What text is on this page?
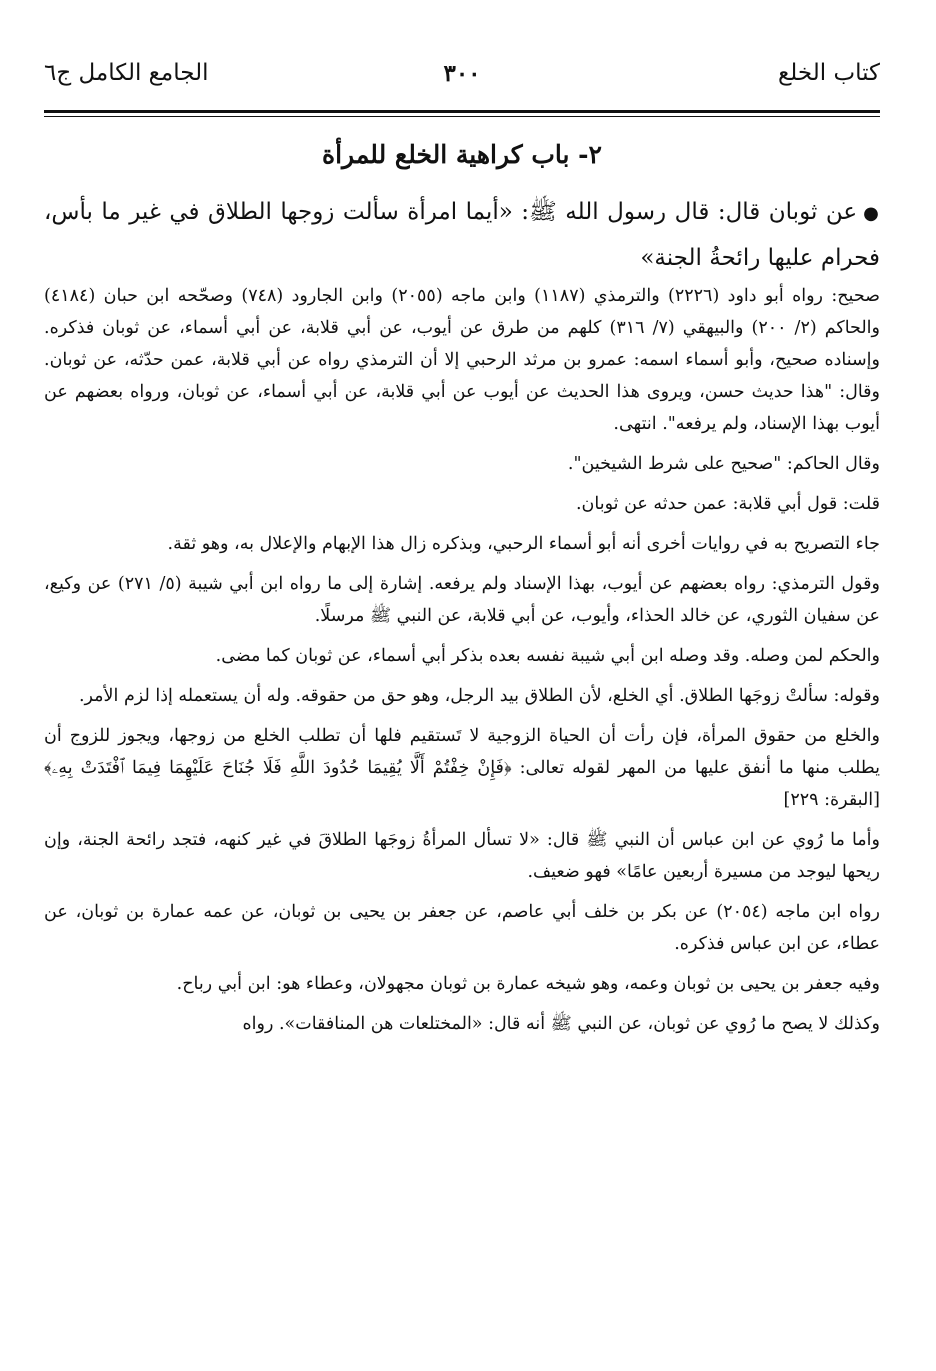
كتاب الخلع
٣٠٠
الجامع الكامل ج٦
٢- باب كراهية الخلع للمرأة
●عن ثوبان قال: قال رسول الله ﷺ: «أيما امرأة سألت زوجها الطلاق في غير ما بأس، فحرام عليها رائحةُ الجنة»

صحيح: رواه أبو داود (٢٢٢٦) والترمذي (١١٨٧) وابن ماجه (٢٠٥٥) وابن الجارود (٧٤٨) وصحّحه ابن حبان (٤١٨٤) والحاكم (٢/ ٢٠٠) والبيهقي (٧/ ٣١٦) كلهم من طرق عن أيوب، عن أبي قلابة، عن أبي أسماء، عن ثوبان فذكره. وإسناده صحيح، وأبو أسماء اسمه: عمرو بن مرثد الرحبي إلا أن الترمذي رواه عن أبي قلابة، عمن حدّثه، عن ثوبان. وقال: "هذا حديث حسن، ويروى هذا الحديث عن أيوب عن أبي قلابة، عن أبي أسماء، عن ثوبان، ورواه بعضهم عن أيوب بهذا الإسناد، ولم يرفعه". انتهى.

وقال الحاكم: "صحيح على شرط الشيخين".

قلت: قول أبي قلابة: عمن حدثه عن ثوبان.

جاء التصريح به في روايات أخرى أنه أبو أسماء الرحبي، وبذكره زال هذا الإبهام والإعلال به، وهو ثقة.

وقول الترمذي: رواه بعضهم عن أيوب، بهذا الإسناد ولم يرفعه. إشارة إلى ما رواه ابن أبي شيبة (٥/ ٢٧١) عن وكيع، عن سفيان الثوري، عن خالد الحذاء، وأيوب، عن أبي قلابة، عن النبي ﷺ مرسلًا.

والحكم لمن وصله. وقد وصله ابن أبي شيبة نفسه بعده بذكر أبي أسماء، عن ثوبان كما مضى.

وقوله: سألتْ زوجَها الطلاق. أي الخلع، لأن الطلاق بيد الرجل، وهو حق من حقوقه. وله أن يستعمله إذا لزم الأمر.

والخلع من حقوق المرأة، فإن رأت أن الحياة الزوجية لا تَستقيم فلها أن تطلب الخلع من زوجها، ويجوز للزوج أن يطلب منها ما أنفق عليها من المهر لقوله تعالى: ﴿فَإِنْ خِفْتُمْ أَلَّا يُقِيمَا حُدُودَ اللَّهِ فَلَا جُنَاحَ عَلَيْهِمَا فِيمَا ٱفْتَدَتْ بِهِۦ﴾ [البقرة: ٢٢٩]

وأما ما رُوي عن ابن عباس أن النبي ﷺ قال: «لا تسأل المرأةُ زوجَها الطلاقَ في غير كنهه، فتجد رائحة الجنة، وإن ريحها ليوجد من مسيرة أربعين عامًا» فهو ضعيف.

رواه ابن ماجه (٢٠٥٤) عن بكر بن خلف أبي عاصم، عن جعفر بن يحيى بن ثوبان، عن عمه عمارة بن ثوبان، عن عطاء، عن ابن عباس فذكره.

وفيه جعفر بن يحيى بن ثوبان وعمه، وهو شيخه عمارة بن ثوبان مجهولان، وعطاء هو: ابن أبي رباح.

وكذلك لا يصح ما رُوي عن ثوبان، عن النبي ﷺ أنه قال: «المختلعات هن المنافقات». رواه
